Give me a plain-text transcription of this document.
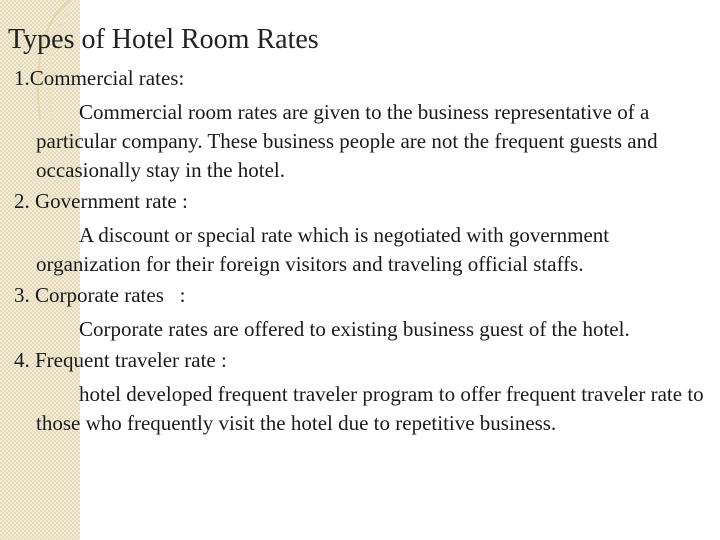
Types of Hotel Room Rates
1.Commercial rates:
Commercial room rates are given to the business representative of a particular company. These business people are not the frequent guests and occasionally stay in the hotel.
2. Government rate :
A discount or special rate which is negotiated with government organization for their foreign visitors and traveling official staffs.
3. Corporate rates   :
Corporate rates are offered to existing business guest of the hotel.
4. Frequent traveler rate :
hotel developed frequent traveler program to offer frequent traveler rate to those who frequently visit the hotel due to repetitive business.
